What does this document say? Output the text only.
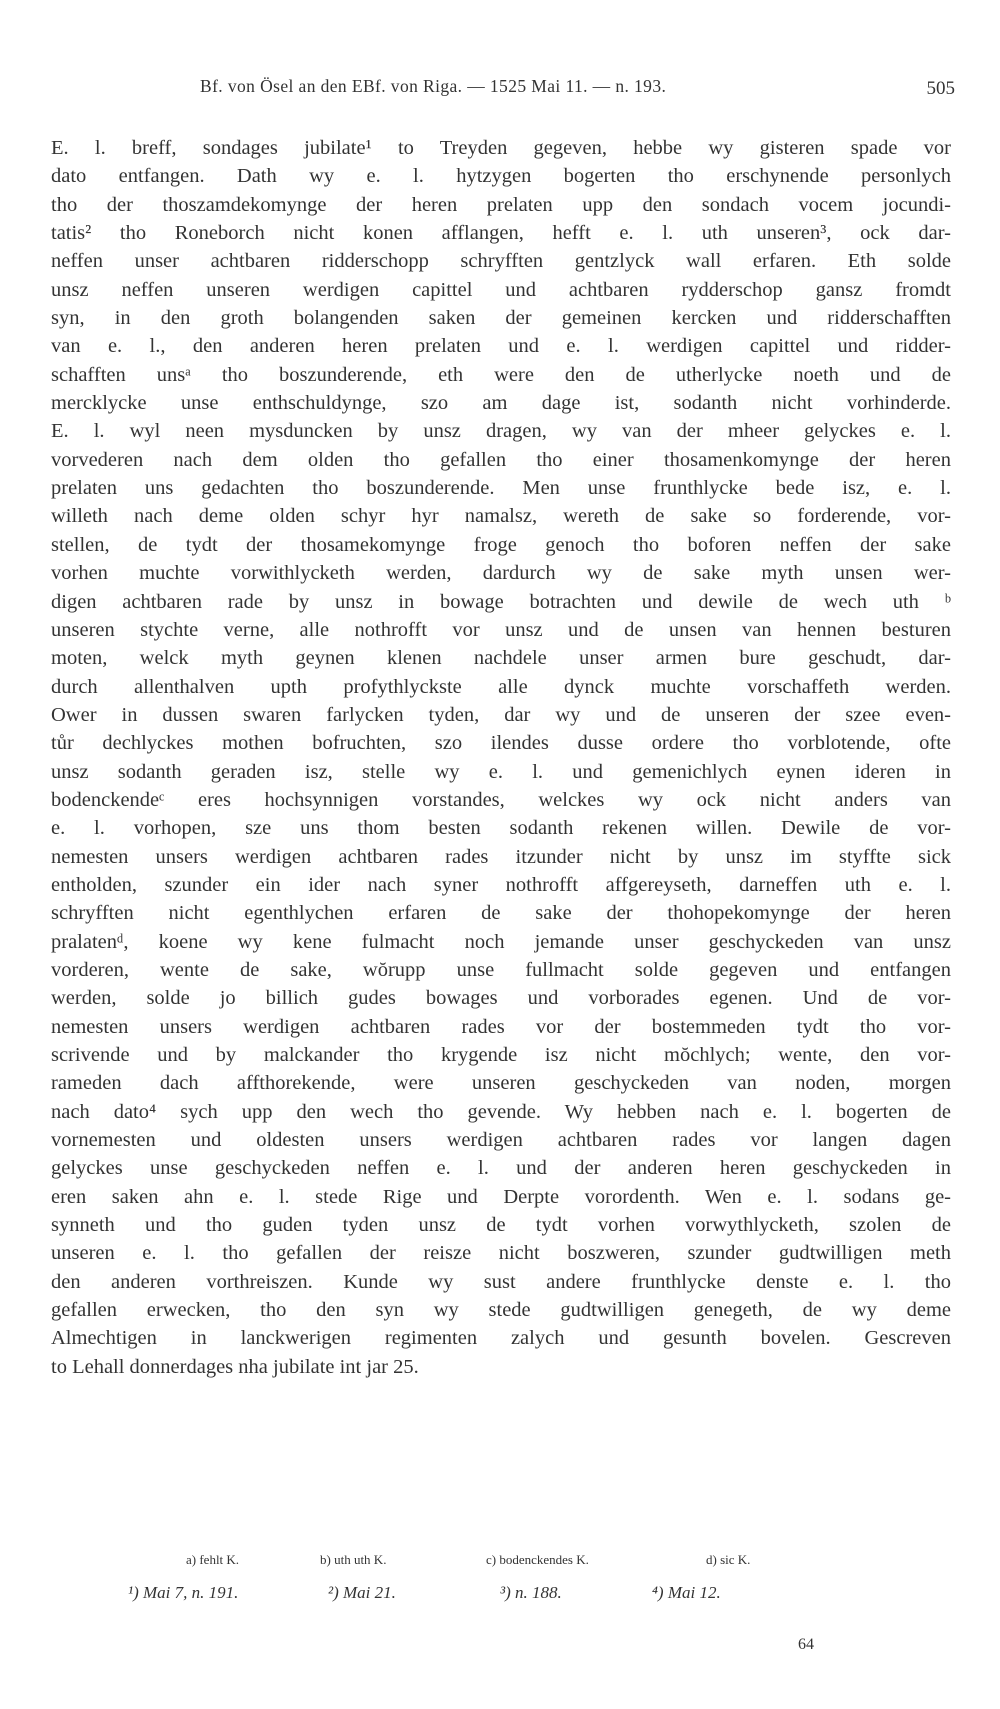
Bf. von Ösel an den EBf. von Riga. — 1525 Mai 11. — n. 193.	505
E. l. breff, sondages jubilate¹ to Treyden gegeven, hebbe wy gisteren spade vor
dato entfangen. Dath wy e. l. hytzygen bogerten tho erschynende personlych
tho der thoszamdekomynge der heren prelaten upp den sondach vocem jocundi-
tatis² tho Roneborch nicht konen afflangen, hefft e. l. uth unseren³, ock dar-
neffen unser achtbaren ridderschopp schryfften gentzlyck wall erfaren. Eth solde
unsz neffen unseren werdigen capittel und achtbaren rydderschop gansz fromdt
syn, in den groth bolangenden saken der gemeinen kercken und ridderschafften
van e. l., den anderen heren prelaten und e. l. werdigen capittel und ridder-
schafften unsᵃ tho boszunderende, eth were den de utherlycke noeth und de
mercklycke unse enthschuldynge, szo am dage ist, sodanth nicht vorhinderde.
E. l. wyl neen mysduncken by unsz dragen, wy van der mheer gelyckes e. l.
vorvederen nach dem olden tho gefallen tho einer thosamenkomynge der heren
prelaten uns gedachten tho boszunderende. Men unse frunthlycke bede isz, e. l.
willeth nach deme olden schyr hyr namalsz, wereth de sake so forderende, vor-
stellen, de tydt der thosamekomynge froge genoch tho boforen neffen der sake
vorhen muchte vorwithlycketh werden, dardurch wy de sake myth unsen wer-
digen achtbaren rade by unsz in bowage botrachten und dewile de wech uth ᵇ
unseren stychte verne, alle nothrofft vor unsz und de unsen van hennen besturen
moten, welck myth geynen klenen nachdele unser armen bure geschudt, dar-
durch allenthalven upth profythlyckste alle dynck muchte vorschaffeth werden.
Ower in dussen swaren farlycken tyden, dar wy und de unseren der szee even-
tůr dechlyckes mothen bofruchten, szo ilendes dusse ordere tho vorblotende, ofte
unsz sodanth geraden isz, stelle wy e. l. und gemenichlych eynen ideren in
bodenckendeᶜ eres hochsynnigen vorstandes, welckes wy ock nicht anders van
e. l. vorhopen, sze uns thom besten sodanth rekenen willen. Dewile de vor-
nemesten unsers werdigen achtbaren rades itzunder nicht by unsz im styffte sick
entholden, szunder ein ider nach syner nothrofft affgereyseth, darneffen uth e. l.
schryfften nicht egenthlychen erfaren de sake der thohopekomynge der heren
pralatenᵈ, koene wy kene fulmacht noch jemande unser geschyckeden van unsz
vorderen, wente de sake, wŏrupp unse fullmacht solde gegeven und entfangen
werden, solde jo billich gudes bowages und vorborades egenen. Und de vor-
nemesten unsers werdigen achtbaren rades vor der bostemmeden tydt tho vor-
scrivende und by malckander tho krygende isz nicht mŏchlych; wente, den vor-
rameden dach affthorekende, were unseren geschyckeden van noden, morgen
nach dato⁴ sych upp den wech tho gevende. Wy hebben nach e. l. bogerten de
vornemesten und oldesten unsers werdigen achtbaren rades vor langen dagen
gelyckes unse geschyckeden neffen e. l. und der anderen heren geschyckeden in
eren saken ahn e. l. stede Rige und Derpte vorordenth. Wen e. l. sodans ge-
synneth und tho guden tyden unsz de tydt vorhen vorwythlycketh, szolen de
unseren e. l. tho gefallen der reisze nicht boszweren, szunder gudtwilligen meth
den anderen vorthreiszen. Kunde wy sust andere frunthlycke denste e. l. tho
gefallen erwecken, tho den syn wy stede gudtwilligen genegeth, de wy deme
Almechtigen in lanckwerigen regimenten zalych und gesunth bovelen. Gescreven
to Lehall donnerdages nha jubilate int jar 25.
a) fehlt K.	b) uth uth K.	c) bodenckendes K.	d) sic K.
¹) Mai 7, n. 191.	²) Mai 21.	³) n. 188.	⁴) Mai 12.
64
